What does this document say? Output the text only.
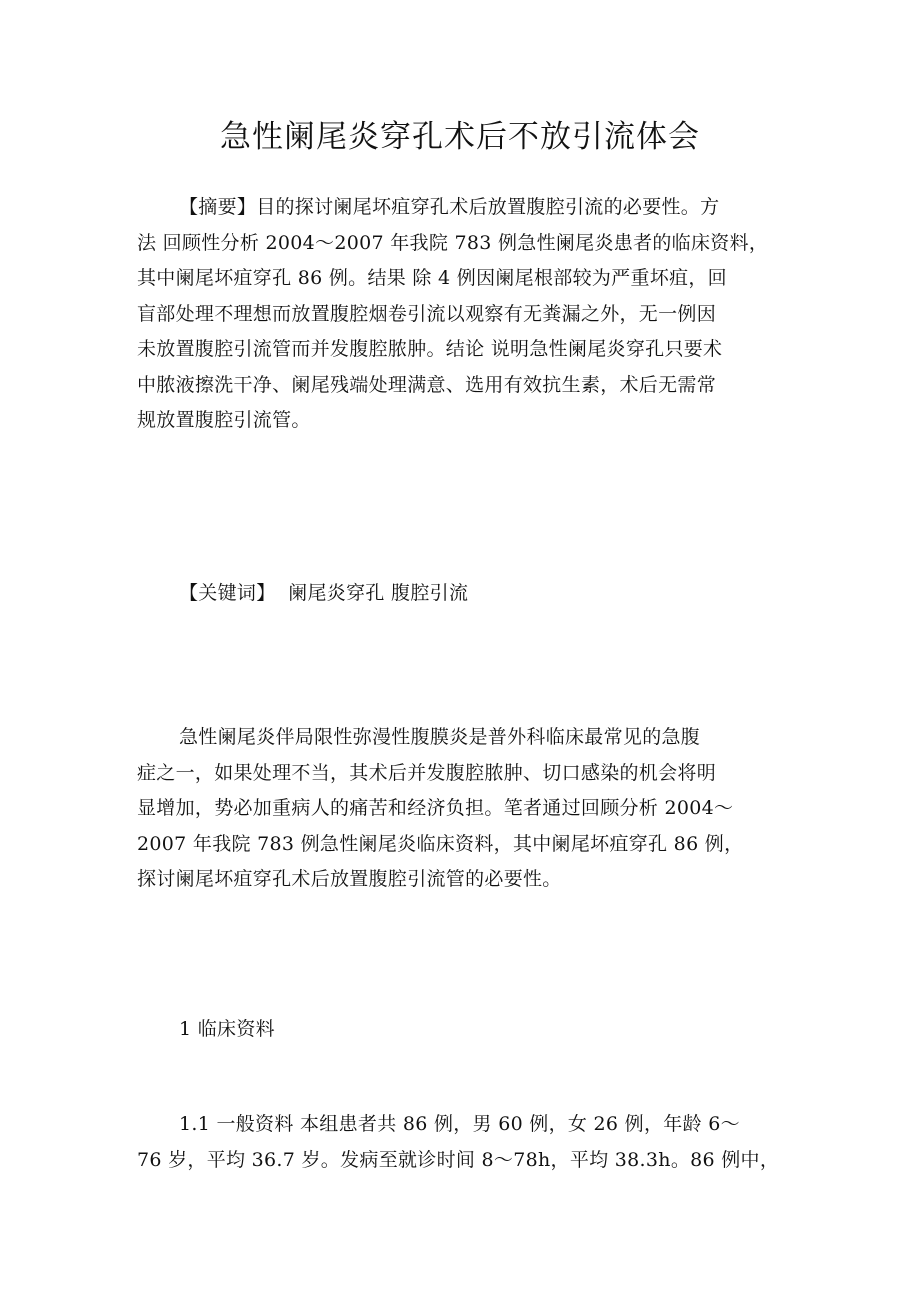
急性阑尾炎穿孔术后不放引流体会
【摘要】目的探讨阑尾坏疽穿孔术后放置腹腔引流的必要性。方
法 回顾性分析 2004～2007 年我院 783 例急性阑尾炎患者的临床资料，
其中阑尾坏疽穿孔 86 例。结果 除 4 例因阑尾根部较为严重坏疽，回
盲部处理不理想而放置腹腔烟卷引流以观察有无粪漏之外，无一例因
未放置腹腔引流管而并发腹腔脓肿。结论 说明急性阑尾炎穿孔只要术
中脓液擦洗干净、阑尾残端处理满意、选用有效抗生素，术后无需常
规放置腹腔引流管。
【关键词】 阑尾炎穿孔 腹腔引流
急性阑尾炎伴局限性弥漫性腹膜炎是普外科临床最常见的急腹
症之一，如果处理不当，其术后并发腹腔脓肿、切口感染的机会将明
显增加，势必加重病人的痛苦和经济负担。笔者通过回顾分析 2004～
2007 年我院 783 例急性阑尾炎临床资料，其中阑尾坏疽穿孔 86 例，
探讨阑尾坏疽穿孔术后放置腹腔引流管的必要性。
1 临床资料
1.1 一般资料 本组患者共 86 例，男 60 例，女 26 例，年龄 6～
76 岁，平均 36.7 岁。发病至就诊时间 8～78h，平均 38.3h。86 例中，
